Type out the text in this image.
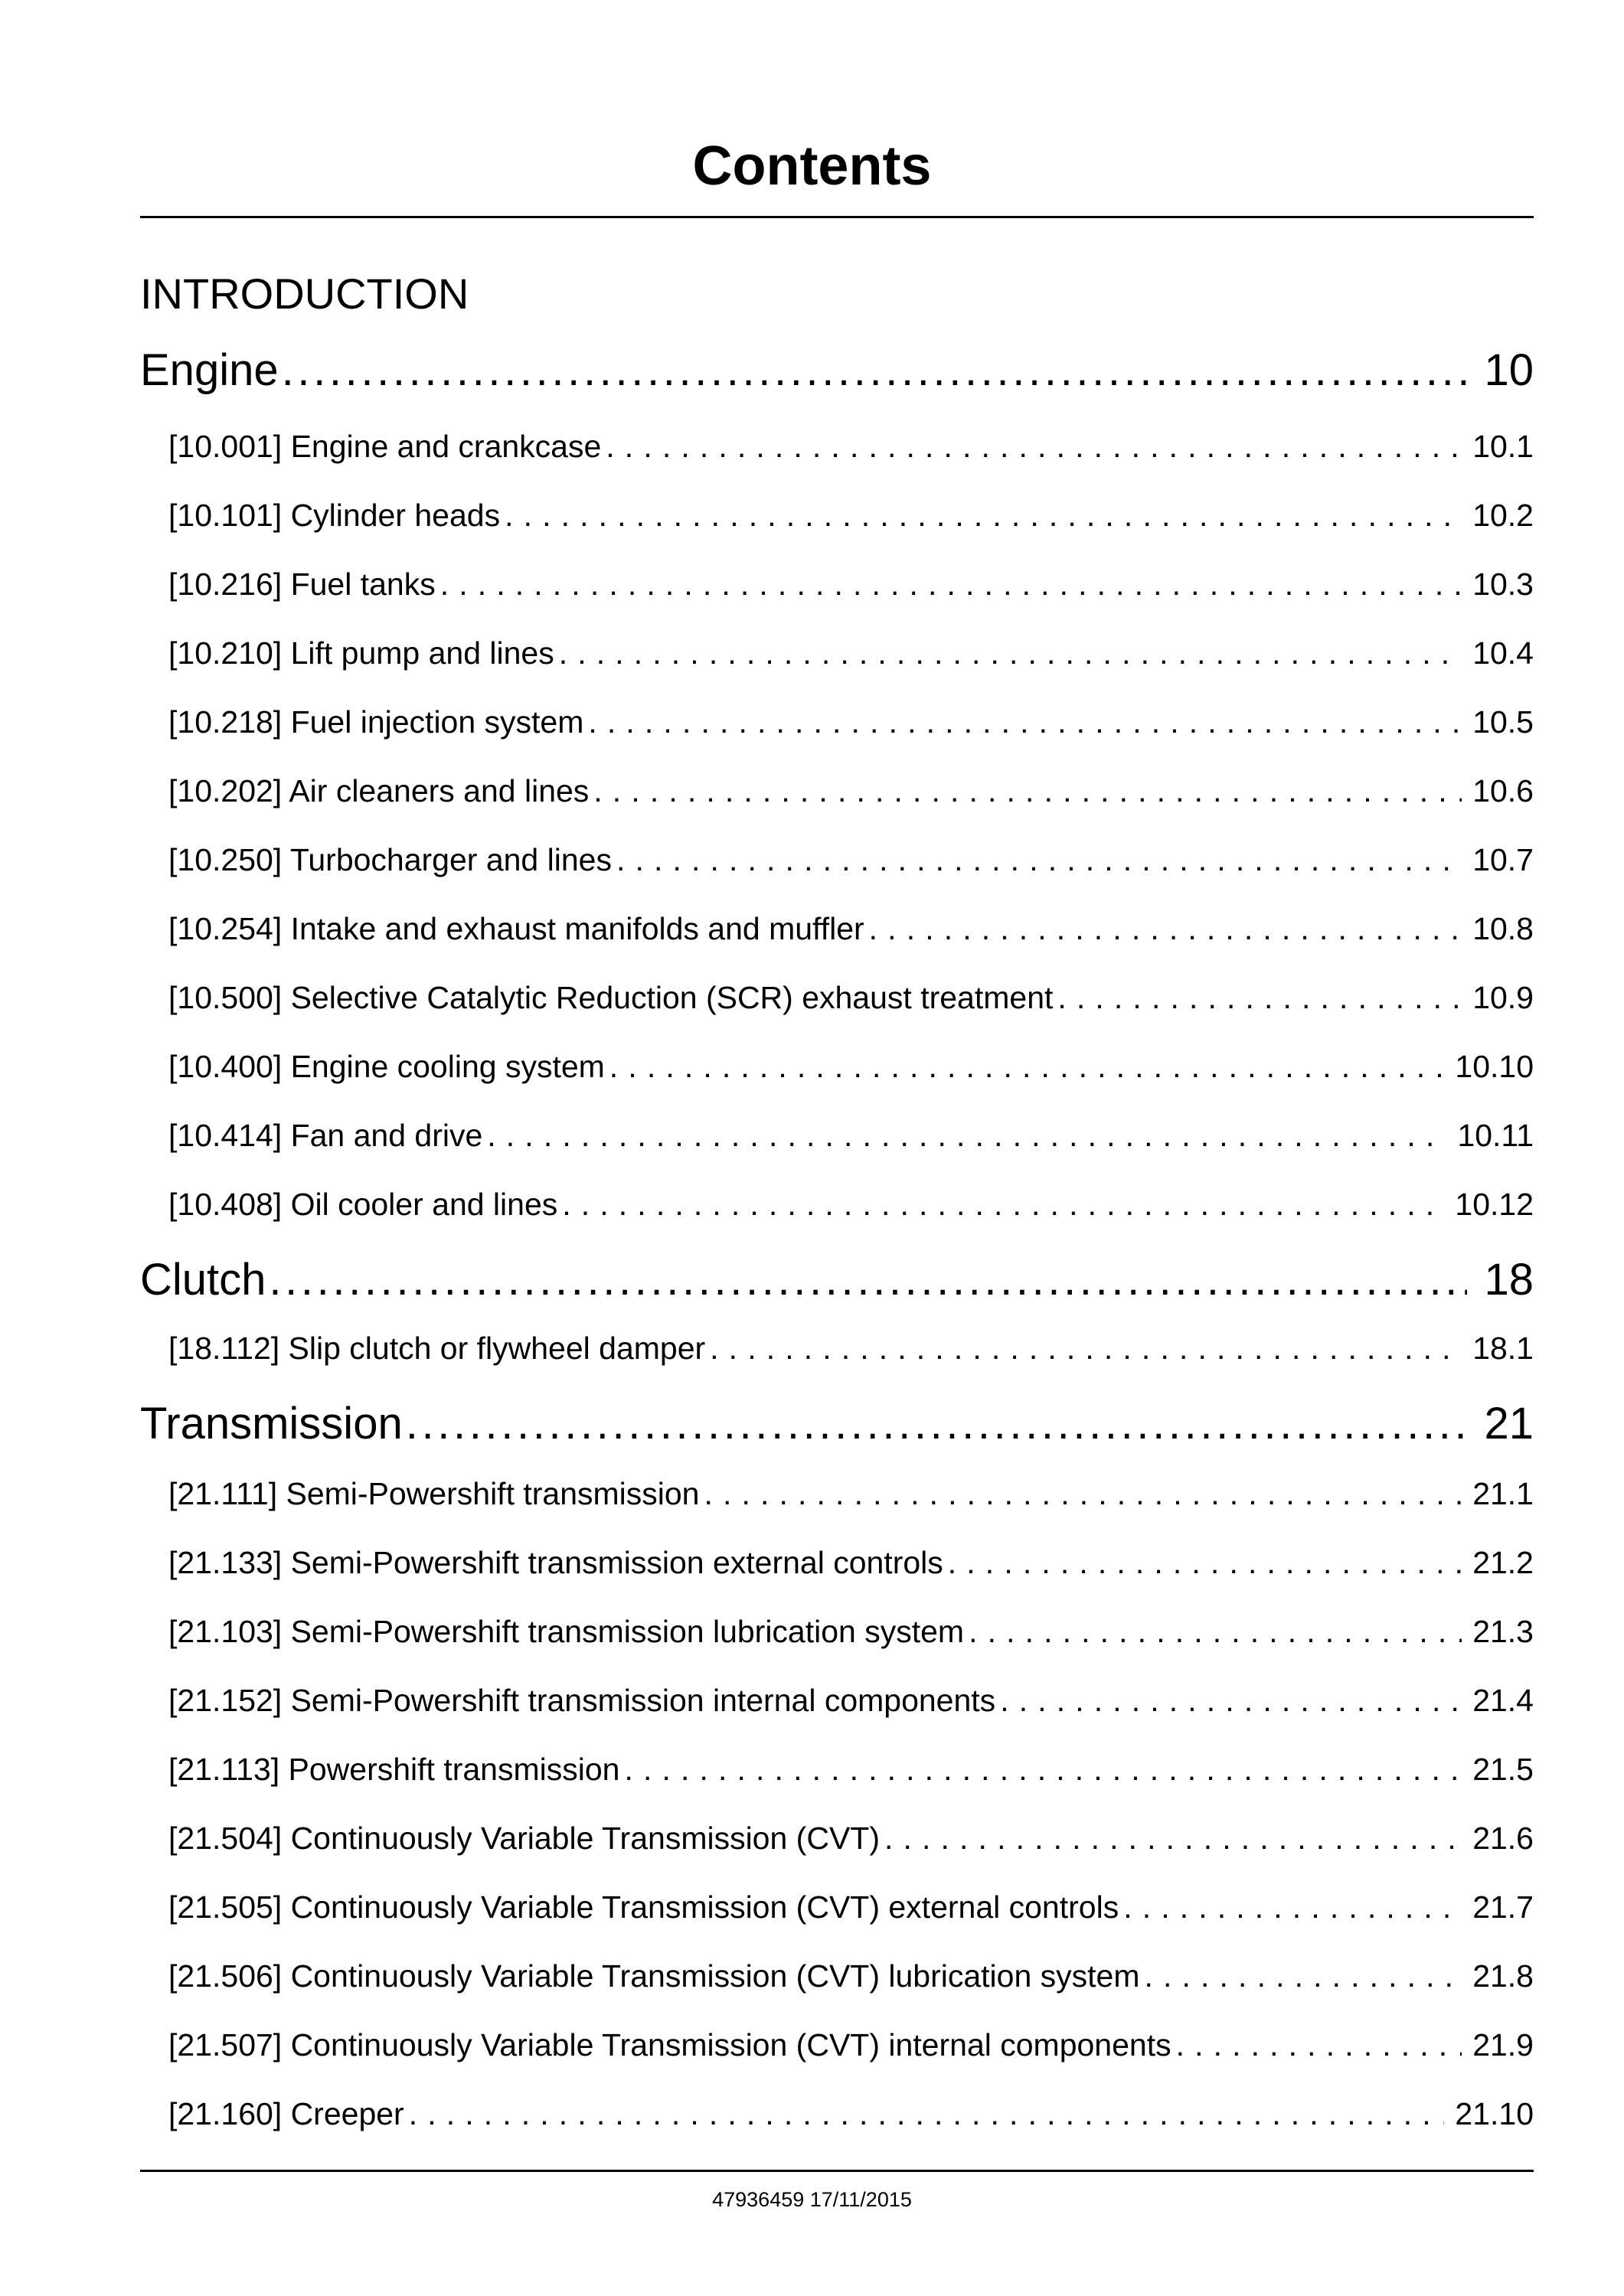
Contents
INTRODUCTION
Engine .....	10
[10.001] Engine and crankcase .....	10.1
[10.101] Cylinder heads .....	10.2
[10.216] Fuel tanks .....	10.3
[10.210] Lift pump and lines .....	10.4
[10.218] Fuel injection system .....	10.5
[10.202] Air cleaners and lines .....	10.6
[10.250] Turbocharger and lines .....	10.7
[10.254] Intake and exhaust manifolds and muffler .....	10.8
[10.500] Selective Catalytic Reduction (SCR) exhaust treatment .....	10.9
[10.400] Engine cooling system .....	10.10
[10.414] Fan and drive .....	10.11
[10.408] Oil cooler and lines .....	10.12
Clutch .....	18
[18.112] Slip clutch or flywheel damper .....	18.1
Transmission .....	21
[21.111] Semi-Powershift transmission .....	21.1
[21.133] Semi-Powershift transmission external controls .....	21.2
[21.103] Semi-Powershift transmission lubrication system .....	21.3
[21.152] Semi-Powershift transmission internal components .....	21.4
[21.113] Powershift transmission .....	21.5
[21.504] Continuously Variable Transmission (CVT) .....	21.6
[21.505] Continuously Variable Transmission (CVT) external controls .....	21.7
[21.506] Continuously Variable Transmission (CVT) lubrication system .....	21.8
[21.507] Continuously Variable Transmission (CVT) internal components .....	21.9
[21.160] Creeper .....	21.10
47936459 17/11/2015
